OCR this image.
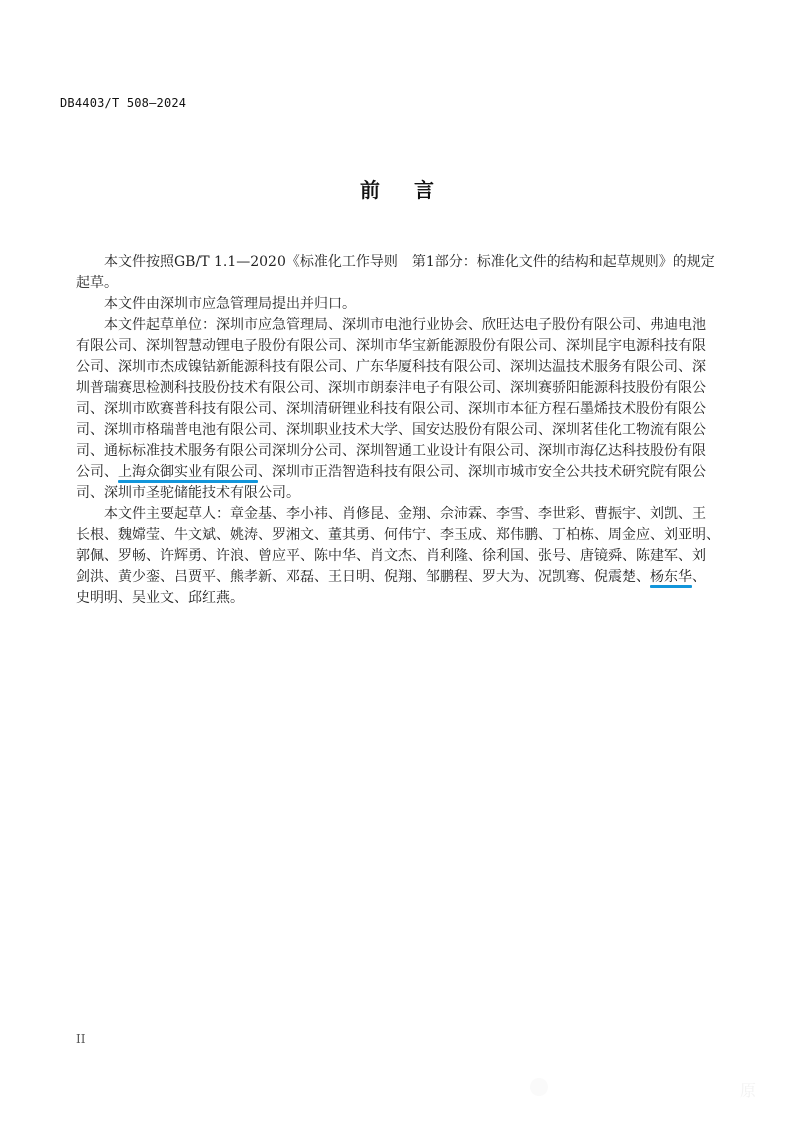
DB4403/T 508—2024
前言
本文件按照GB/T 1.1—2020《标准化工作导则　第1部分：标准化文件的结构和起草规则》的规定
起草。
本文件由深圳市应急管理局提出并归口。
本文件起草单位：深圳市应急管理局、深圳市电池行业协会、欣旺达电子股份有限公司、弗迪电池
有限公司、深圳智慧动锂电子股份有限公司、深圳市华宝新能源股份有限公司、深圳昆宇电源科技有限
公司、深圳市杰成镍钴新能源科技有限公司、广东华厦科技有限公司、深圳达温技术服务有限公司、深
圳普瑞赛思检测科技股份技术有限公司、深圳市朗泰沣电子有限公司、深圳赛骄阳能源科技股份有限公
司、深圳市欧赛普科技有限公司、深圳清研锂业科技有限公司、深圳市本征方程石墨烯技术股份有限公
司、深圳市格瑞普电池有限公司、深圳职业技术大学、国安达股份有限公司、深圳茗佳化工物流有限公
司、通标标准技术服务有限公司深圳分公司、深圳智通工业设计有限公司、深圳市海亿达科技股份有限
公司、上海众御实业有限公司、深圳市正浩智造科技有限公司、深圳市城市安全公共技术研究院有限公
司、深圳市圣驼储能技术有限公司。
本文件主要起草人：章金基、李小祎、肖修昆、金翔、佘沛霖、李雪、李世彩、曹振宇、刘凯、王
长根、魏嫦莹、牛文斌、姚涛、罗湘文、董其勇、何伟宁、李玉成、郑伟鹏、丁柏栋、周金应、刘亚明、
郭佩、罗畅、许辉勇、许浪、曾应平、陈中华、肖文杰、肖利隆、徐利国、张号、唐镜舜、陈建军、刘
剑洪、黄少銮、吕贾平、熊孝新、邓磊、王日明、倪翔、邹鹏程、罗大为、况凯骞、倪震楚、杨东华、
史明明、吴业文、邱红燕。
II
原
